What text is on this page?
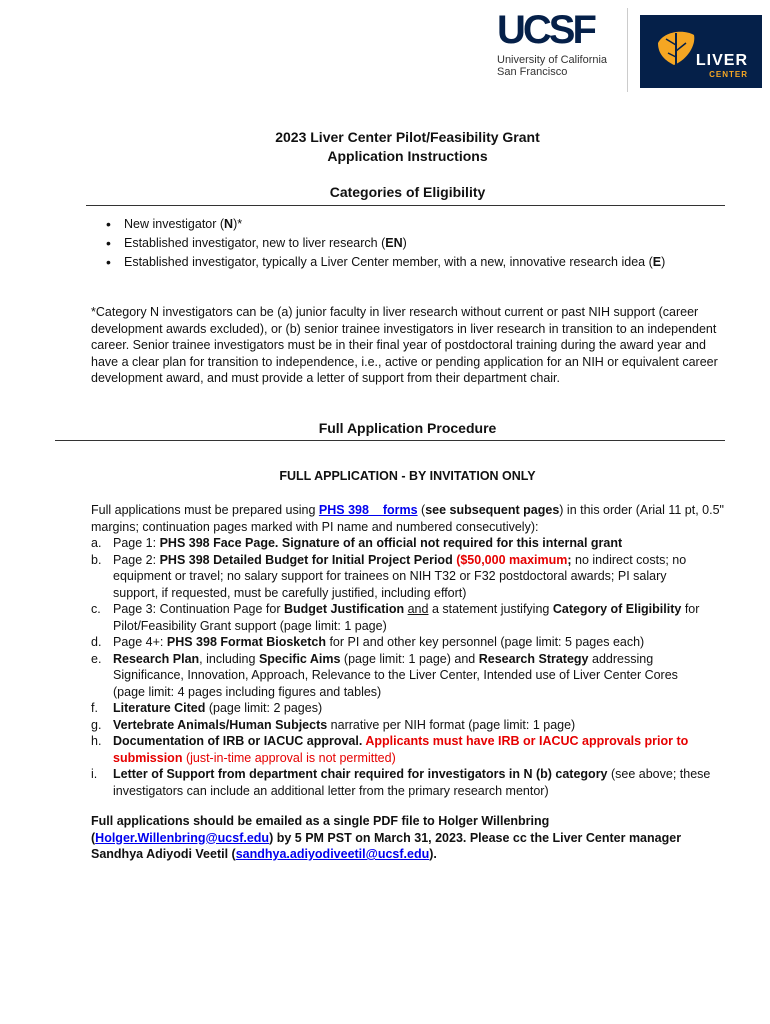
UCSF
University of California
San Francisco
LIVER
CENTER
2023 Liver Center Pilot/Feasibility Grant
Application Instructions
Categories of Eligibility
• New investigator (N)*
• Established investigator, new to liver research (EN)
• Established investigator, typically a Liver Center member, with a new, innovative research idea (E)
*Category N investigators can be (a) junior faculty in liver research without current or past NIH support (career development awards excluded), or (b) senior trainee investigators in liver research in transition to an independent career. Senior trainee investigators must be in their final year of postdoctoral training during the award year and have a clear plan for transition to independence, i.e., active or pending application for an NIH or equivalent career development award, and must provide a letter of support from their department chair.
Full Application Procedure
FULL APPLICATION - BY INVITATION ONLY
Full applications must be prepared using PHS 398    forms (see subsequent pages) in this order (Arial 11 pt, 0.5" margins; continuation pages marked with PI name and numbered consecutively):
a. Page 1: PHS 398 Face Page. Signature of an official not required for this internal grant
b. Page 2: PHS 398 Detailed Budget for Initial Project Period ($50,000 maximum; no indirect costs; no equipment or travel; no salary support for trainees on NIH T32 or F32 postdoctoral awards; PI salary support, if requested, must be carefully justified, including effort)
c. Page 3: Continuation Page for Budget Justification and a statement justifying Category of Eligibility for Pilot/Feasibility Grant support (page limit: 1 page)
d. Page 4+: PHS 398 Format Biosketch for PI and other key personnel (page limit: 5 pages each)
e. Research Plan, including Specific Aims (page limit: 1 page) and Research Strategy addressing Significance, Innovation, Approach, Relevance to the Liver Center, Intended use of Liver Center Cores (page limit: 4 pages including figures and tables)
f. Literature Cited (page limit: 2 pages)
g. Vertebrate Animals/Human Subjects narrative per NIH format (page limit: 1 page)
h. Documentation of IRB or IACUC approval. Applicants must have IRB or IACUC approvals prior to submission (just-in-time approval is not permitted)
i. Letter of Support from department chair required for investigators in N (b) category (see above; these investigators can include an additional letter from the primary research mentor)
Full applications should be emailed as a single PDF file to Holger Willenbring (Holger.Willenbring@ucsf.edu) by 5 PM PST on March 31, 2023. Please cc the Liver Center manager Sandhya Adiyodi Veetil (sandhya.adiyodiveetil@ucsf.edu).
